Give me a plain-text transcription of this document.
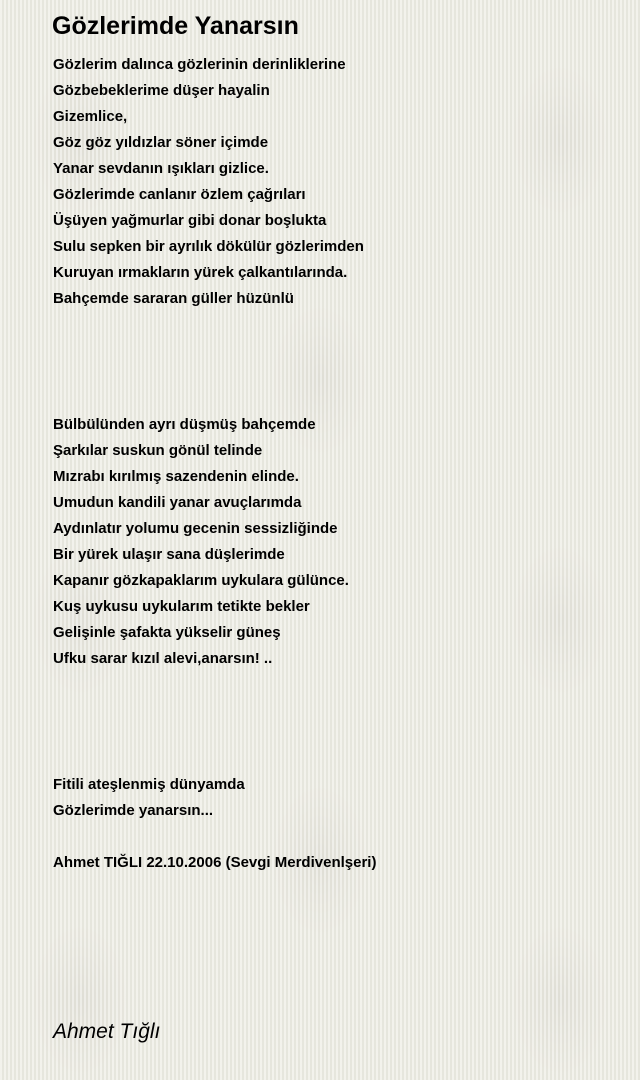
Gözlerimde Yanarsın
Gözlerim dalınca gözlerinin derinliklerine
Gözbebeklerime düşer hayalin
Gizemlice,
Göz göz yıldızlar söner içimde
Yanar sevdanın ışıkları gizlice.
Gözlerimde canlanır özlem çağrıları
Üşüyen yağmurlar gibi donar boşlukta
Sulu sepken bir ayrılık dökülür gözlerimden
Kuruyan ırmakların yürek çalkantılarında.
Bahçemde sararan güller hüzünlü
Bülbülünden ayrı düşmüş bahçemde
Şarkılar suskun gönül telinde
Mızrabı kırılmış sazendenin elinde.
Umudun kandili yanar avuçlarımda
Aydınlatır yolumu gecenin sessizliğinde
Bir yürek ulaşır sana düşlerimde
Kapanır gözkapaklarım uykulara gülünce.
Kuş uykusu uykularım tetikte bekler
Gelişinle şafakta yükselir güneş
Ufku sarar kızıl alevi,anarsın! ..
Fitili ateşlenmiş dünyamda
Gözlerimde yanarsın...
Ahmet TIĞLI 22.10.2006 (Sevgi Merdivenlşeri)
Ahmet Tığlı
